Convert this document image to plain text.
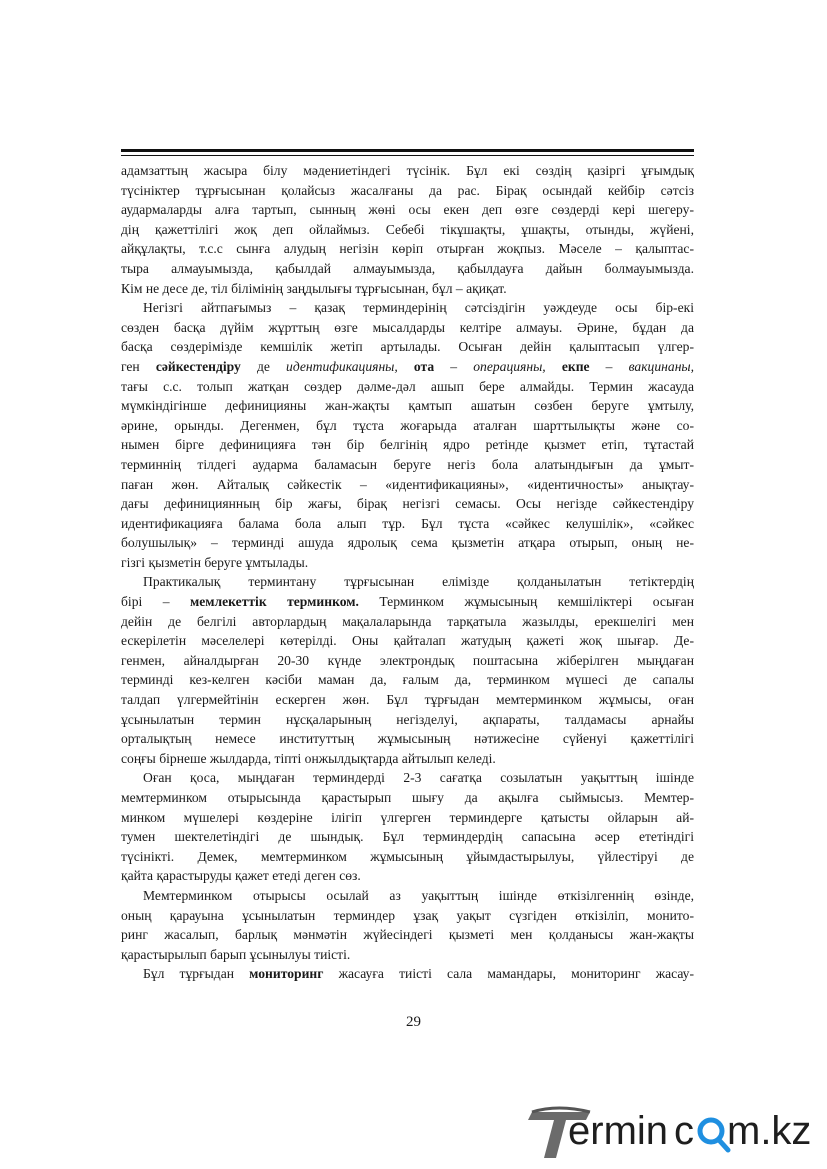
адамзаттың жасыра білу мәдениетіндегі түсінік. Бұл екі сөздің қазіргі ұғымдық
түсініктер тұрғысынан қолайсыз жасалғаны да рас. Бірақ осындай кейбір сәтсіз
аудармаларды алға тартып, сынның жөні осы екен деп өзге сөздерді кері шегеру-
дің қажеттілігі жоқ деп ойлаймыз. Себебі тікұшақты, ұшақты, отынды, жүйені,
айқұлақты, т.с.с сынға алудың негізін көріп отырған жоқпыз. Мәселе – қалыптас-
тыра алмауымызда, қабылдай алмауымызда, қабылдауға дайын болмауымызда.
Кім не десе де, тіл білімінің заңдылығы тұрғысынан, бұл – ақиқат.
Негізгі айтпағымыз – қазақ терминдерінің сәтсіздігін уәждеуде осы бір-екі
сөзден басқа дүйім жұрттың өзге мысалдарды келтіре алмауы. Әрине, бұдан да
басқа сөздерімізде кемшілік жетіп артылады. Осыған дейін қалыптасып үлгер-
ген сәйкестендіру де идентификацияны, ота – операцияны, екпе – вакцинаны,
тағы с.с. толып жатқан сөздер дәлме-дәл ашып бере алмайды. Термин жасауда
мүмкіндігінше дефиницияны жан-жақты қамтып ашатын сөзбен беруге ұмтылу,
әрине, орынды. Дегенмен, бұл тұста жоғарыда аталған шарттылықты және со-
нымен бірге дефиницияға тән бір белгінің ядро ретінде қызмет етіп, тұтастай
терминнің тілдегі аударма баламасын беруге негіз бола алатындығын да ұмыт-
паған жөн. Айталық сәйкестік – «идентификацияны», «идентичносты» анықтау-
дағы дефинициянның бір жағы, бірақ негізгі семасы. Осы негізде сәйкестендіру
идентификацияға балама бола алып тұр. Бұл тұста «сәйкес келушілік», «сәйкес
болушылық» – терминді ашуда ядролық сема қызметін атқара отырып, оның не-
гізгі қызметін беруге ұмтылады.
Практикалық терминтану тұрғысынан елімізде қолданылатын тетіктердің
бірі – мемлекеттік терминком. Терминком жұмысының кемшіліктері осыған
дейін де белгілі авторлардың мақалаларында тарқатыла жазылды, ерекшелігі мен
ескерілетін мәселелері көтерілді. Оны қайталап жатудың қажеті жоқ шығар. Де-
генмен, айналдырған 20-30 күнде электрондық поштасына жіберілген мыңдаған
терминді кез-келген кәсіби маман да, ғалым да, терминком мүшесі де сапалы
талдап үлгермейтінін ескерген жөн. Бұл тұрғыдан мемтерминком жұмысы, оған
ұсынылатын термин нұсқаларының негізделуі, ақпараты, талдамасы арнайы
орталықтың немесе институттың жұмысының нәтижесіне сүйенуі қажеттілігі
соңғы бірнеше жылдарда, тіпті онжылдықтарда айтылып келеді.
Оған қоса, мыңдаған терминдерді 2-3 сағатқа созылатын уақыттың ішінде
мемтерминком отырысында қарастырып шығу да ақылға сыймысыз. Мемтер-
минком мүшелері көздеріне ілігіп үлгерген терминдерге қатысты ойларын ай-
тумен шектелетіндігі де шындық. Бұл терминдердің сапасына әсер ететіндігі
түсінікті. Демек, мемтерминком жұмысының ұйымдастырылуы, үйлестіруі де
қайта қарастыруды қажет етеді деген сөз.
Мемтерминком отырысы осылай аз уақыттың ішінде өткізілгеннің өзінде,
оның қарауына ұсынылатын терминдер ұзақ уақыт сүзгіден өткізіліп, монито-
ринг жасалып, барлық мәнмәтін жүйесіндегі қызметі мен қолданысы жан-жақты
қарастырылып барып ұсынылуы тиісті.
Бұл тұрғыдан мониторинг жасауға тиісті сала мамандары, мониторинг жасау-
29
ermin c m.kz
